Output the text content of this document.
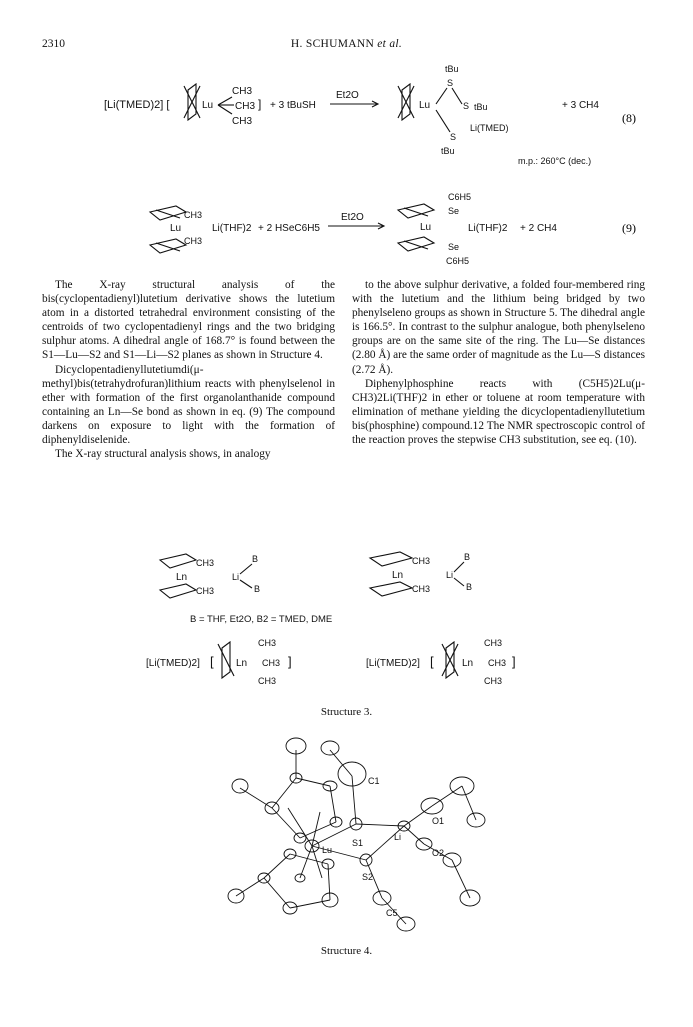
2310	H. SCHUMANN et al.
[Li(TMED)2] [	Lu
CH3
CH3
CH3
] + 3 tBuSH
Et2O
Lu
tBu
S
S tBu
S
Li(TMED)
tBu
+ 3 CH4
m.p.: 260°C (dec.)
(8)
Lu
CH3
CH3
Li(THF)2 + 2 HSeC6H5
Et2O
Lu
C6H5
Se
Se
C6H5
Li(THF)2 + 2 CH4	(9)

The X-ray structural analysis of the bis(cyclopentadienyl)lutetium derivative shows the lutetium atom in a distorted tetrahedral environment consisting of the centroids of two cyclopentadienyl rings and the two bridging sulphur atoms. A dihedral angle of 168.7° is found between the S1—Lu—S2 and S1—Li—S2 planes as shown in Structure 4.

Dicyclopentadienyllutetiumdi(μ-methyl)bis(tetrahydrofuran)lithium reacts with phenylselenol in ether with formation of the first organolanthanide compound containing an Ln—Se bond as shown in eq. (9) The compound darkens on exposure to light with the formation of diphenyldiselenide.

The X-ray structural analysis shows, in analogy

to the above sulphur derivative, a folded four-membered ring with the lutetium and the lithium being bridged by two phenylseleno groups as shown in Structure 5. The dihedral angle is 166.5°. In contrast to the sulphur analogue, both phenylseleno groups are on the same site of the ring. The Lu—Se distances (2.80 Å) are the same order of magnitude as the Lu—S distances (2.72 Å).

Diphenylphosphine reacts with (C5H5)2Lu(μ-CH3)2Li(THF)2 in ether or toluene at room temperature with elimination of methane yielding the dicyclopentadienyllutetium bis(phosphine) compound.12 The NMR spectroscopic control of the reaction proves the stepwise CH3 substitution, see eq. (10).

Ln
CH3
CH3
Li
B
B
Ln
CH3
CH3
Li
B
B
B = THF, Et2O, B2 = TMED, DME
[Li(TMED)2] [ Ln
CH3
CH3
CH3
]	[Li(TMED)2] [	Ln
CH3
CH3
CH3
]
Structure 3.
C1
S1
Lu
S2
Li
O1
O2
C5
Structure 4.
